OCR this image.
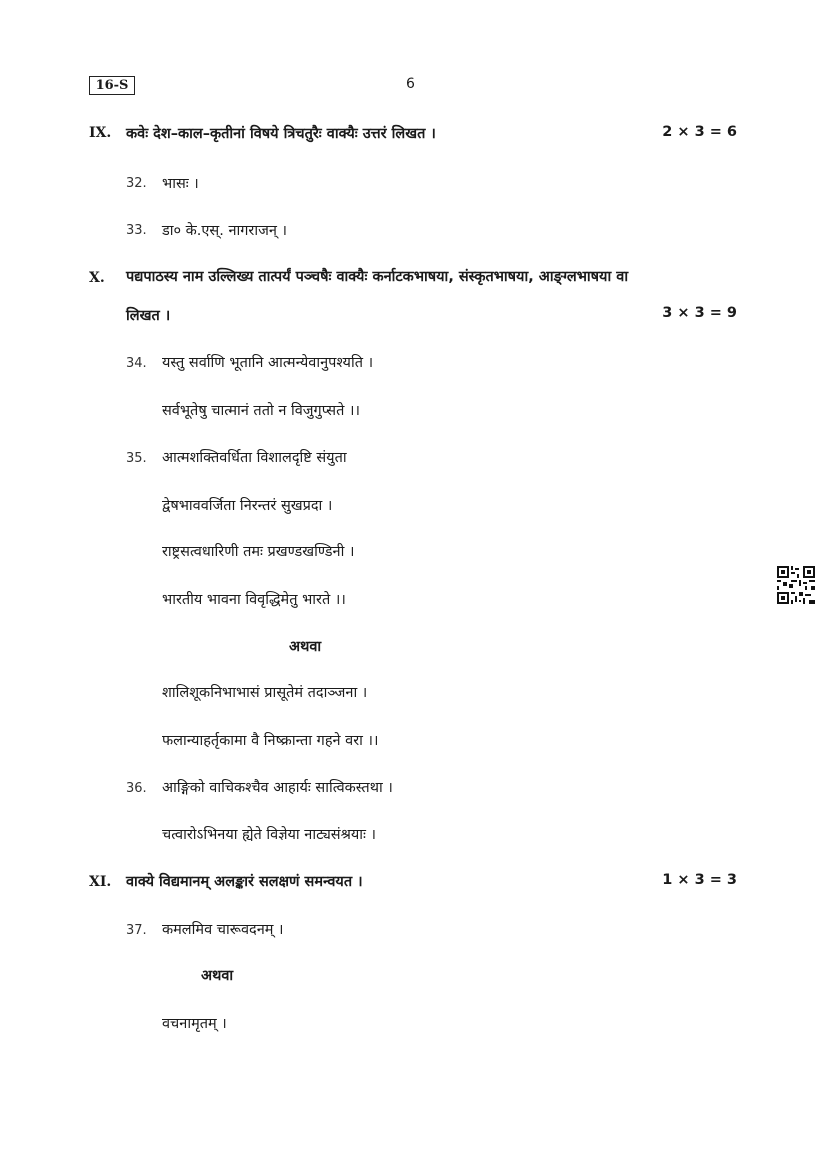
16-S	6
IX. कवेः देश–काल–कृतीनां विषये त्रिचतुरैः वाक्यैः उत्तरं लिखत ।	2 × 3 = 6
32. भासः ।
33. डा० के.एस्. नागराजन् ।
X. पद्यपाठस्य नाम उल्लिख्य तात्पर्यं पञ्चषैः वाक्यैः कर्नाटकभाषया, संस्कृतभाषया, आङ्ग्लभाषया वा
लिखत ।	3 × 3 = 9
34. यस्तु सर्वाणि भूतानि आत्मन्येवानुपश्यति ।
सर्वभूतेषु चात्मानं ततो न विजुगुप्सते ।।
35. आत्मशक्तिवर्धिता विशालदृष्टि संयुता
द्वेषभाववर्जिता निरन्तरं सुखप्रदा ।
राष्ट्रसत्वधारिणी तमः प्रखण्डखण्डिनी ।
भारतीय भावना विवृद्धिमेतु भारते ।।
अथवा
शालिशूकनिभाभासं प्रासूतेमं तदाञ्जना ।
फलान्याहर्तृकामा वै निष्क्रान्ता गहने वरा ।।
36. आङ्गिको वाचिकश्चैव आहार्यः सात्विकस्तथा ।
चत्वारोऽभिनया ह्येते विज्ञेया नाट्यसंश्रयाः ।
XI. वाक्ये विद्यमानम् अलङ्कारं सलक्षणं समन्वयत ।	1 × 3 = 3
37. कमलमिव चारूवदनम् ।
अथवा
वचनामृतम् ।
